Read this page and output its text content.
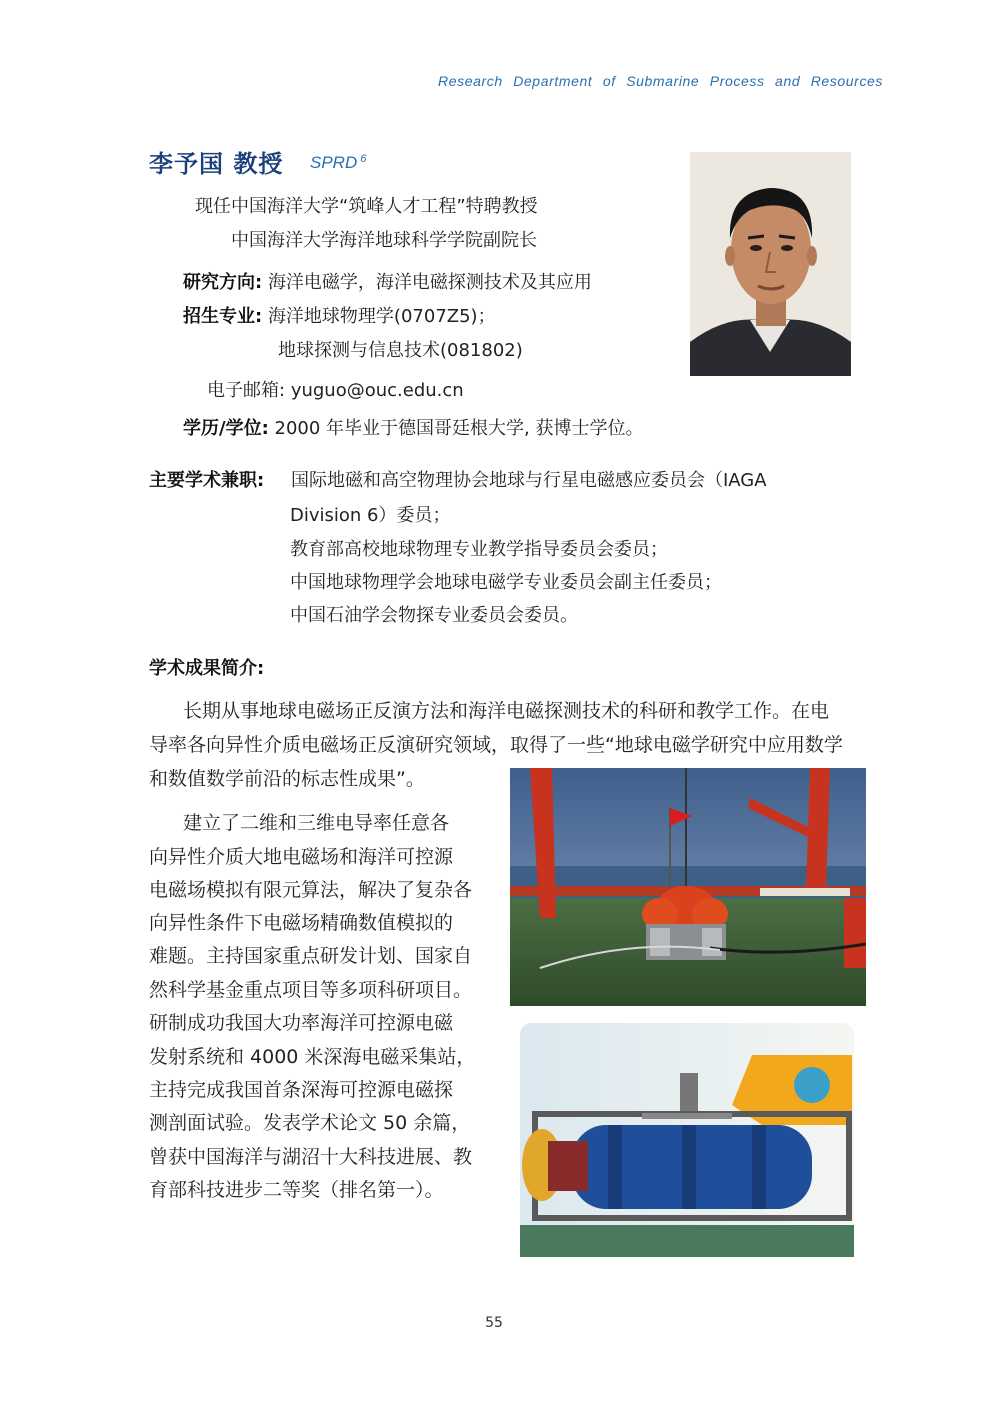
Research Department of Submarine Process and Resources
李予国 教授 SPRD $^6$
现任中国海洋大学“筑峰人才工程”特聘教授
中国海洋大学海洋地球科学学院副院长
研究方向: 海洋电磁学，海洋电磁探测技术及其应用
招生专业: 海洋地球物理学(0707Z5)；
地球探测与信息技术(081802)
电子邮箱: yuguo@ouc.edu.cn
学历/学位: 2000 年毕业于德国哥廷根大学, 获博士学位。
主要学术兼职: 国际地磁和高空物理协会地球与行星电磁感应委员会（IAGA
Division 6）委员；
教育部高校地球物理专业教学指导委员会委员；
中国地球物理学会地球电磁学专业委员会副主任委员；
中国石油学会物探专业委员会委员。
学术成果简介:
长期从事地球电磁场正反演方法和海洋电磁探测技术的科研和教学工作。在电
导率各向异性介质电磁场正反演研究领域，取得了一些“地球电磁学研究中应用数学
和数值数学前沿的标志性成果”。
建立了二维和三维电导率任意各
向异性介质大地电磁场和海洋可控源
电磁场模拟有限元算法，解决了复杂各
向异性条件下电磁场精确数值模拟的
难题。主持国家重点研发计划、国家自
然科学基金重点项目等多项科研项目。
研制成功我国大功率海洋可控源电磁
发射系统和 4000 米深海电磁采集站，
主持完成我国首条深海可控源电磁探
测剖面试验。发表学术论文 50 余篇，
曾获中国海洋与湖沼十大科技进展、教
育部科技进步二等奖（排名第一）。
55
